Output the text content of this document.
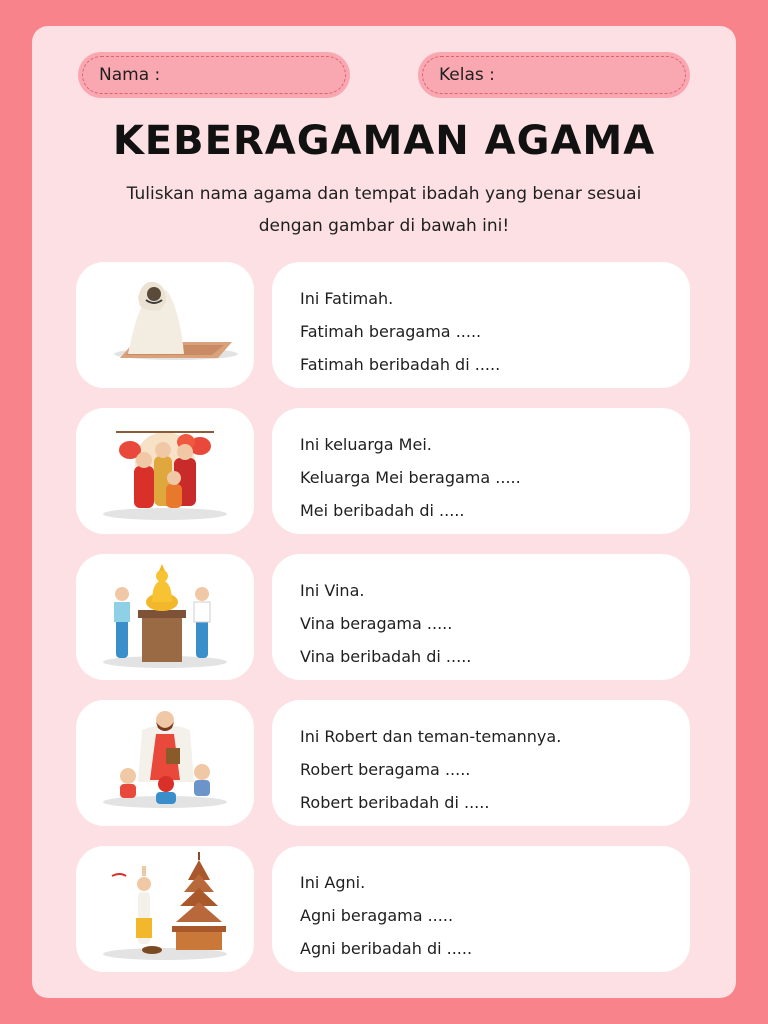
Nama :	Kelas :
KEBERAGAMAN AGAMA

Tuliskan nama agama dan tempat ibadah yang benar sesuai
dengan gambar di bawah ini!

Ini Fatimah.

Fatimah beragama .....

Fatimah beribadah di .....

Ini keluarga Mei.

Keluarga Mei beragama .....

Mei beribadah di .....

Ini Vina.

Vina beragama .....

Vina beribadah di .....

Ini Robert dan teman-temannya.

Robert beragama .....

Robert beribadah di .....

Ini Agni.

Agni beragama .....

Agni beribadah di .....
